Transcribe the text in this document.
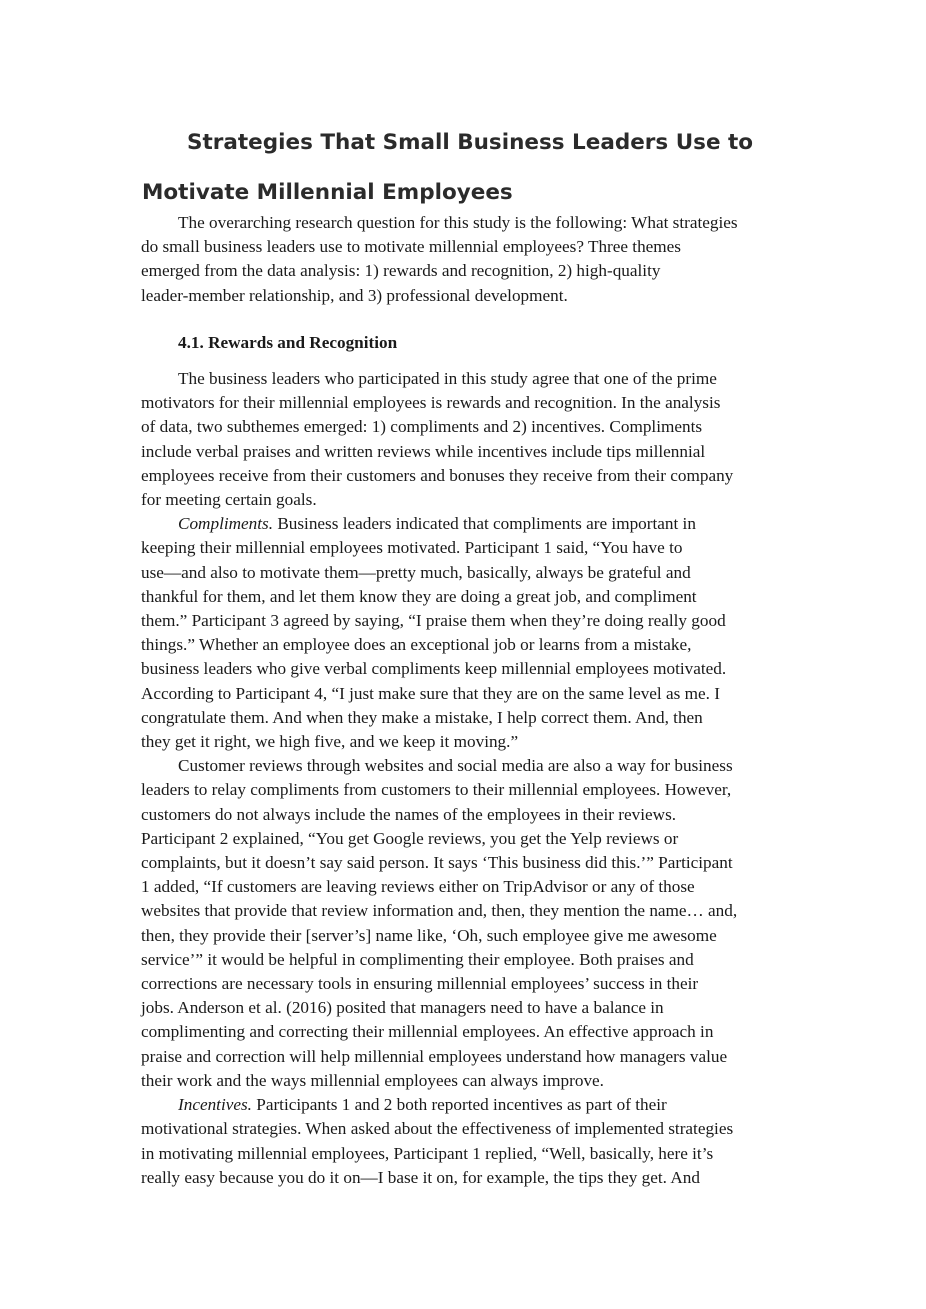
Strategies That Small Business Leaders Use to
Motivate Millennial Employees

The overarching research question for this study is the following: What strategies
do small business leaders use to motivate millennial employees? Three themes
emerged from the data analysis: 1) rewards and recognition, 2) high-quality
leader-member relationship, and 3) professional development.

4.1. Rewards and Recognition

The business leaders who participated in this study agree that one of the prime
motivators for their millennial employees is rewards and recognition. In the analysis
of data, two subthemes emerged: 1) compliments and 2) incentives. Compliments
include verbal praises and written reviews while incentives include tips millennial
employees receive from their customers and bonuses they receive from their company
for meeting certain goals.

Compliments. Business leaders indicated that compliments are important in
keeping their millennial employees motivated. Participant 1 said, “You have to
use—and also to motivate them—pretty much, basically, always be grateful and
thankful for them, and let them know they are doing a great job, and compliment
them.” Participant 3 agreed by saying, “I praise them when they’re doing really good
things.” Whether an employee does an exceptional job or learns from a mistake,
business leaders who give verbal compliments keep millennial employees motivated.
According to Participant 4, “I just make sure that they are on the same level as me. I
congratulate them. And when they make a mistake, I help correct them. And, then
they get it right, we high five, and we keep it moving.”

Customer reviews through websites and social media are also a way for business
leaders to relay compliments from customers to their millennial employees. However,
customers do not always include the names of the employees in their reviews.
Participant 2 explained, “You get Google reviews, you get the Yelp reviews or
complaints, but it doesn’t say said person. It says ‘This business did this.’” Participant
1 added, “If customers are leaving reviews either on TripAdvisor or any of those
websites that provide that review information and, then, they mention the name… and,
then, they provide their [server’s] name like, ‘Oh, such employee give me awesome
service’” it would be helpful in complimenting their employee. Both praises and
corrections are necessary tools in ensuring millennial employees’ success in their
jobs. Anderson et al. (2016) posited that managers need to have a balance in
complimenting and correcting their millennial employees. An effective approach in
praise and correction will help millennial employees understand how managers value
their work and the ways millennial employees can always improve.

Incentives. Participants 1 and 2 both reported incentives as part of their
motivational strategies. When asked about the effectiveness of implemented strategies
in motivating millennial employees, Participant 1 replied, “Well, basically, here it’s
really easy because you do it on—I base it on, for example, the tips they get. And
